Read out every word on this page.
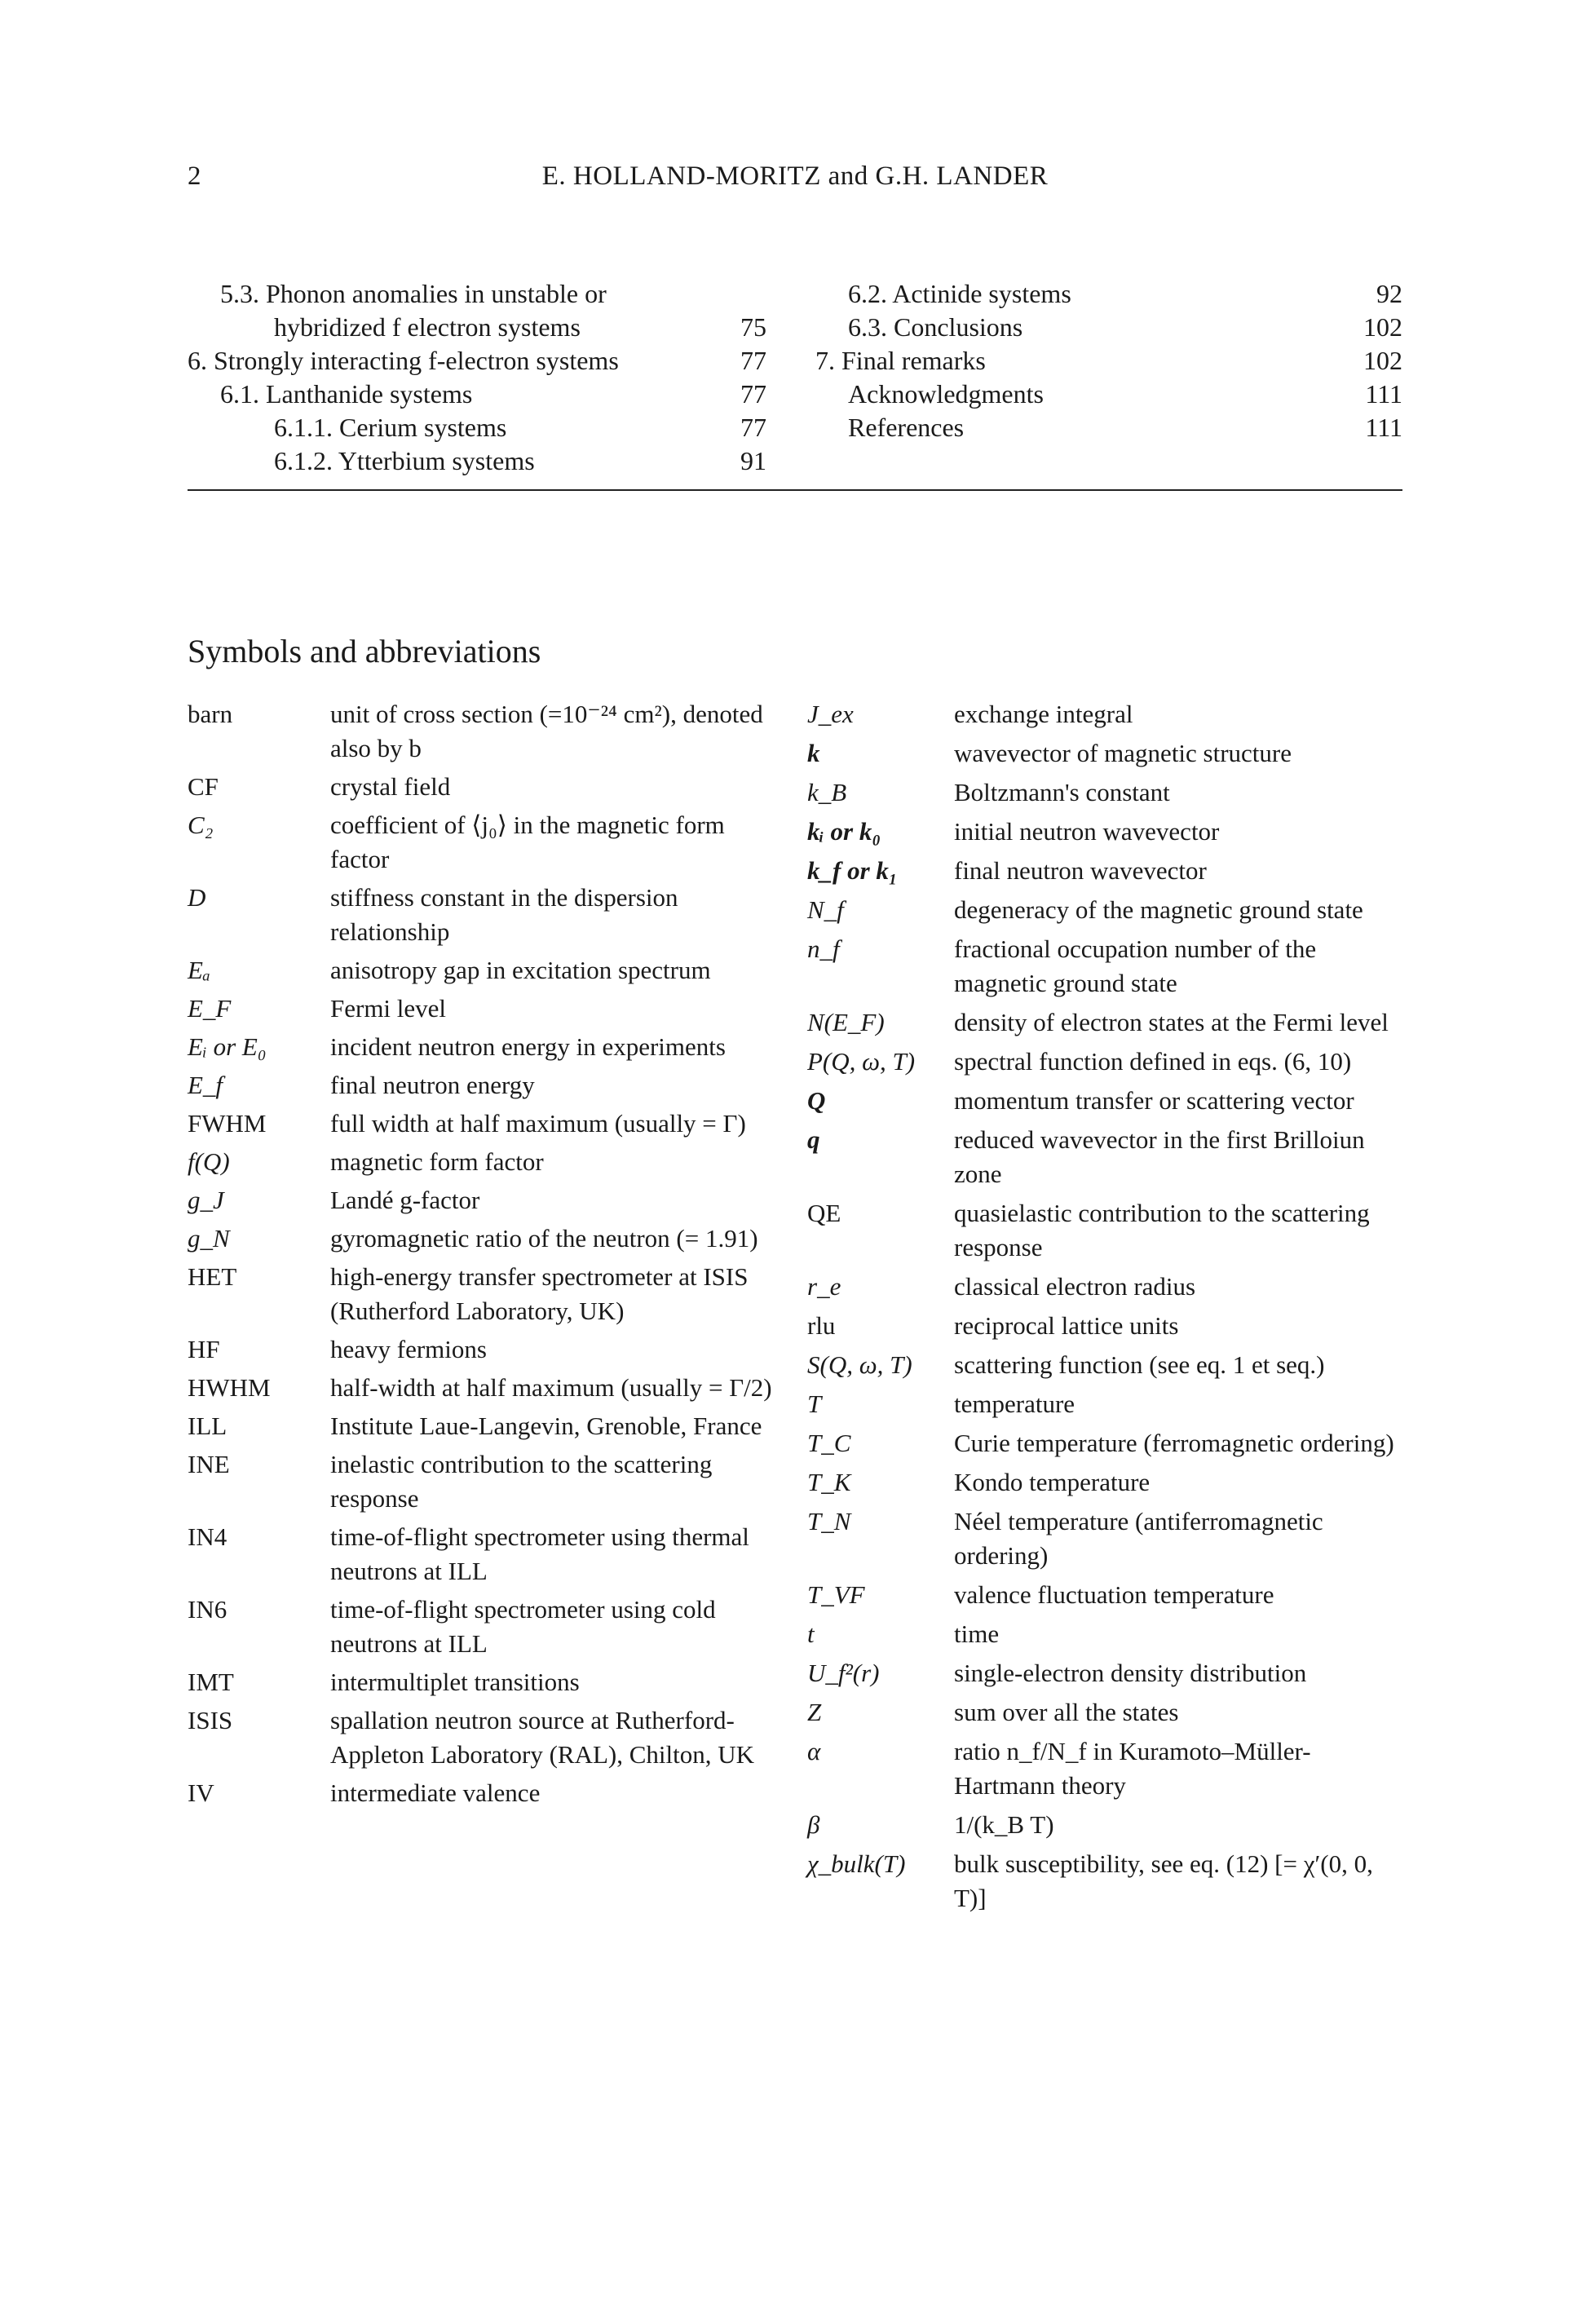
2	E. HOLLAND-MORITZ and G.H. LANDER
5.3. Phonon anomalies in unstable or
hybridized f electron systems	75
6. Strongly interacting f-electron systems	77
6.1. Lanthanide systems	77
6.1.1. Cerium systems	77
6.1.2. Ytterbium systems	91
6.2. Actinide systems	92
6.3. Conclusions	102
7. Final remarks	102
Acknowledgments	111
References	111
Symbols and abbreviations
barn	unit of cross section (=10⁻²⁴ cm²), denoted also by b
CF	crystal field
C₂	coefficient of ⟨j₀⟩ in the magnetic form factor
D	stiffness constant in the dispersion relationship
Eₐ	anisotropy gap in excitation spectrum
E_F	Fermi level
Eᵢ or E₀	incident neutron energy in experiments
E_f	final neutron energy
FWHM	full width at half maximum (usually = Γ)
f(Q)	magnetic form factor
g_J	Landé g-factor
g_N	gyromagnetic ratio of the neutron (= 1.91)
HET	high-energy transfer spectrometer at ISIS (Rutherford Laboratory, UK)
HF	heavy fermions
HWHM	half-width at half maximum (usually = Γ/2)
ILL	Institute Laue-Langevin, Grenoble, France
INE	inelastic contribution to the scattering response
IN4	time-of-flight spectrometer using thermal neutrons at ILL
IN6	time-of-flight spectrometer using cold neutrons at ILL
IMT	intermultiplet transitions
ISIS	spallation neutron source at Rutherford-Appleton Laboratory (RAL), Chilton, UK
IV	intermediate valence
J_ex	exchange integral
k	wavevector of magnetic structure
k_B	Boltzmann's constant
kᵢ or k₀	initial neutron wavevector
k_f or k₁	final neutron wavevector
N_f	degeneracy of the magnetic ground state
n_f	fractional occupation number of the magnetic ground state
N(E_F)	density of electron states at the Fermi level
P(Q, ω, T)	spectral function defined in eqs. (6, 10)
Q	momentum transfer or scattering vector
q	reduced wavevector in the first Brilloiun zone
QE	quasielastic contribution to the scattering response
r_e	classical electron radius
rlu	reciprocal lattice units
S(Q, ω, T)	scattering function (see eq. 1 et seq.)
T	temperature
T_C	Curie temperature (ferromagnetic ordering)
T_K	Kondo temperature
T_N	Néel temperature (antiferromagnetic ordering)
T_VF	valence fluctuation temperature
t	time
U_f²(r)	single-electron density distribution
Z	sum over all the states
α	ratio n_f/N_f in Kuramoto–Müller-Hartmann theory
β	1/(k_B T)
χ_bulk(T)	bulk susceptibility, see eq. (12) [= χ′(0, 0, T)]
